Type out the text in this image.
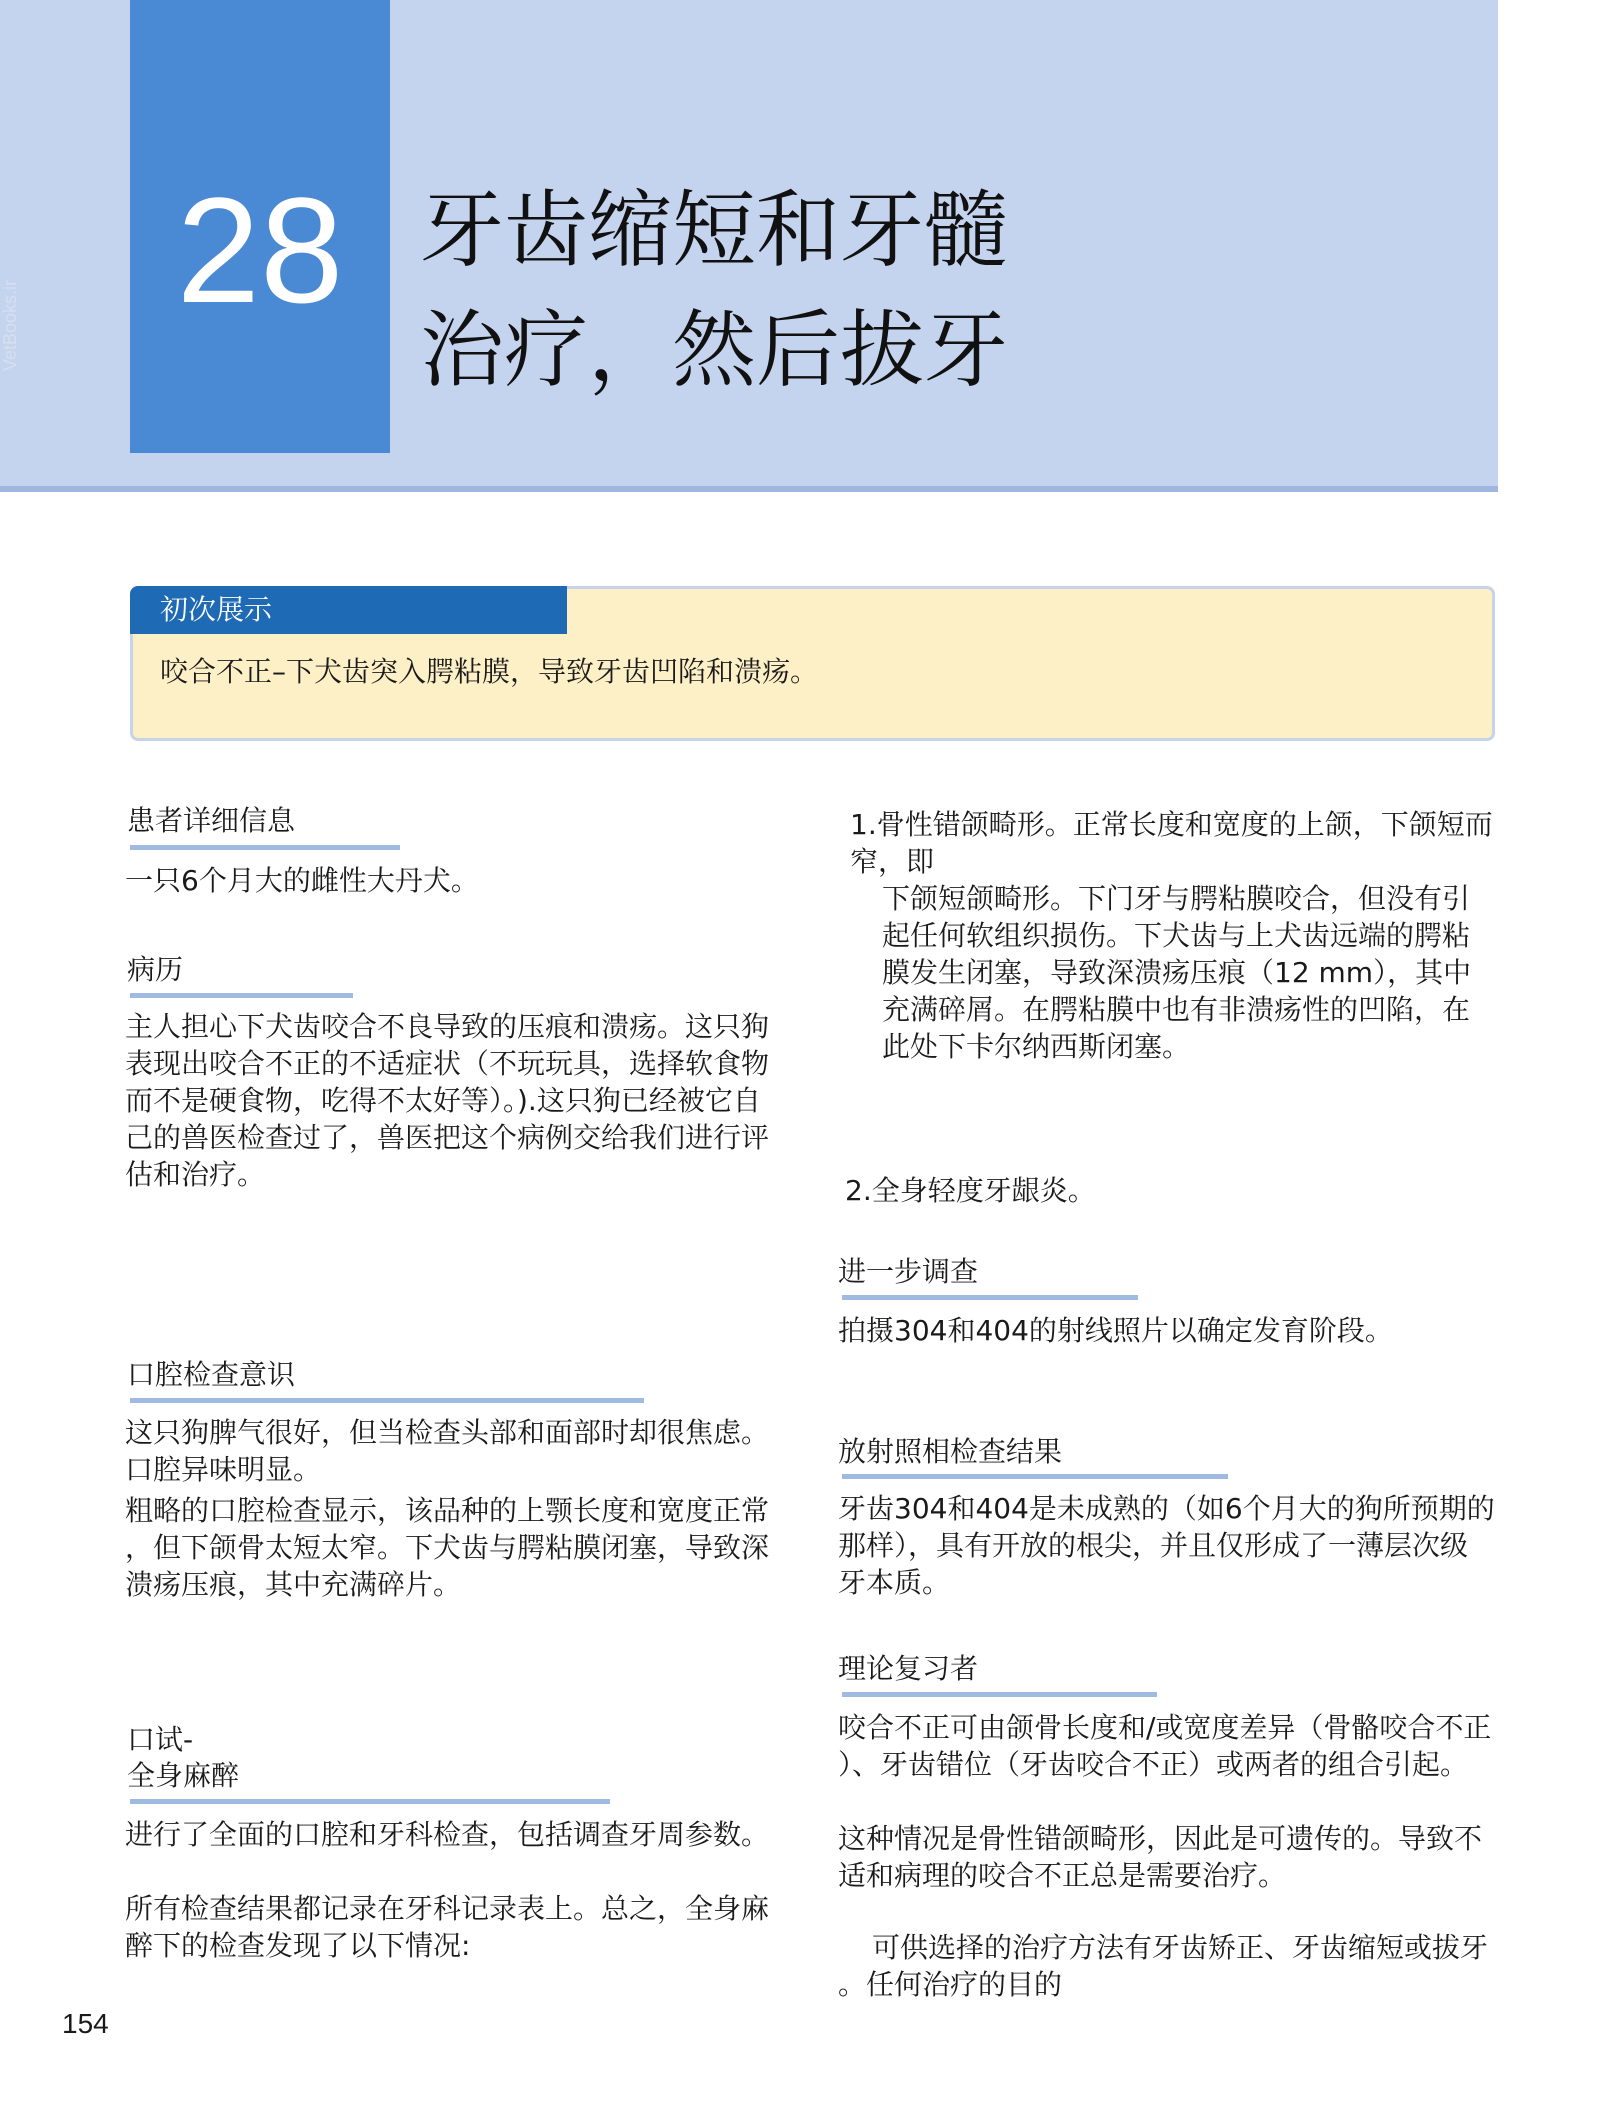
28 牙齿缩短和牙髓
治疗，然后拔牙
VetBooks.ir
初次展示
咬合不正–下犬齿突入腭粘膜，导致牙齿凹陷和溃疡。
患者详细信息
一只6个月大的雌性大丹犬。
病历
主人担心下犬齿咬合不良导致的压痕和溃疡。这只狗
表现出咬合不正的不适症状（不玩玩具，选择软食物
而不是硬食物，吃得不太好等）。).这只狗已经被它自
己的兽医检查过了，兽医把这个病例交给我们进行评
估和治疗。
口腔检查意识
这只狗脾气很好，但当检查头部和面部时却很焦虑。
口腔异味明显。
粗略的口腔检查显示，该品种的上颚长度和宽度正常
，但下颌骨太短太窄。下犬齿与腭粘膜闭塞，导致深
溃疡压痕，其中充满碎片。
口试-
全身麻醉
进行了全面的口腔和牙科检查，包括调查牙周参数。
所有检查结果都记录在牙科记录表上。总之，全身麻
醉下的检查发现了以下情况:
1.骨性错颌畸形。正常长度和宽度的上颌，下颌短而
窄，即
下颌短颌畸形。下门牙与腭粘膜咬合，但没有引
起任何软组织损伤。下犬齿与上犬齿远端的腭粘
膜发生闭塞，导致深溃疡压痕（12 mm），其中
充满碎屑。在腭粘膜中也有非溃疡性的凹陷，在
此处下卡尔纳西斯闭塞。
2.全身轻度牙龈炎。
进一步调查
拍摄304和404的射线照片以确定发育阶段。
放射照相检查结果
牙齿304和404是未成熟的（如6个月大的狗所预期的
那样），具有开放的根尖，并且仅形成了一薄层次级
牙本质。
理论复习者
咬合不正可由颌骨长度和/或宽度差异（骨骼咬合不正
）、牙齿错位（牙齿咬合不正）或两者的组合引起。
这种情况是骨性错颌畸形，因此是可遗传的。导致不
适和病理的咬合不正总是需要治疗。
可供选择的治疗方法有牙齿矫正、牙齿缩短或拔牙
。任何治疗的目的
154
